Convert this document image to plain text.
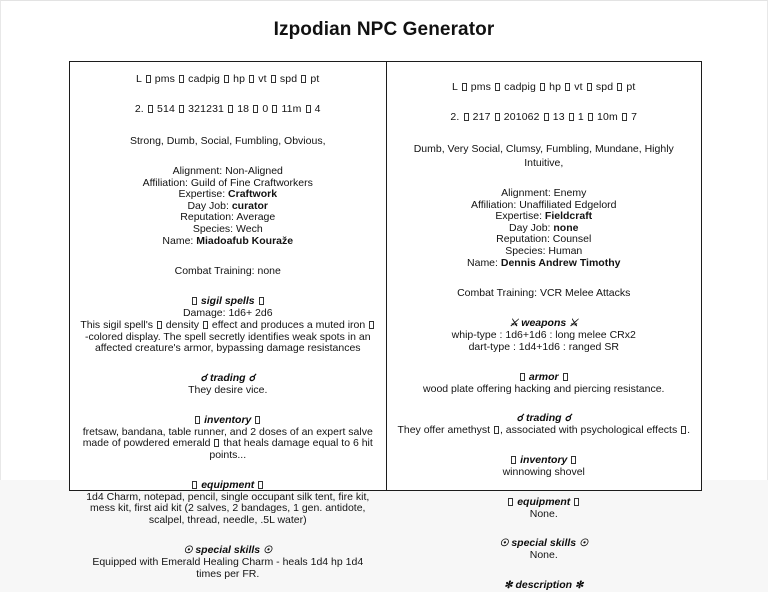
Izpodian NPC Generator
L  pms  cadpig  hp  vt  spd  pt
2.  514  321231  18  0  11m  4
Strong, Dumb, Social, Fumbling, Obvious,
Alignment: Non-Aligned
Affiliation: Guild of Fine Craftworkers
Expertise: Craftwork
Day Job: curator
Reputation: Average
Species: Wech
Name: Miadoafub Kouraže
Combat Training: none
sigil spells
Damage: 1d6+ 2d6
This sigil spell's  density  effect and produces a muted iron -colored display. The spell secretly identifies weak spots in an affected creature's armor, bypassing damage resistances
☌ trading ☌
They desire vice.
inventory
fretsaw, bandana, table runner, and 2 doses of an expert salve made of powdered emerald  that heals damage equal to 6 hit points...
equipment
1d4 Charm, notepad, pencil, single occupant silk tent, fire kit, mess kit, first aid kit (2 salves, 2 bandages, 1 gen. antidote, scalpel, thread, needle, .5L water)
☉ special skills ☉
Equipped with Emerald Healing Charm - heals 1d4 hp 1d4 times per FR.
L  pms  cadpig  hp  vt  spd  pt
2.  217  201062  13  1  10m  7
Dumb, Very Social, Clumsy, Fumbling, Mundane, Highly Intuitive,
Alignment: Enemy
Affiliation: Unaffiliated Edgelord
Expertise: Fieldcraft
Day Job: none
Reputation: Counsel
Species: Human
Name: Dennis Andrew Timothy
Combat Training: VCR Melee Attacks
⚔ weapons ⚔
whip-type : 1d6+1d6 : long melee CRx2
dart-type : 1d4+1d6 : ranged SR
armor
wood plate offering hacking and piercing resistance.
☌ trading ☌
They offer amethyst , associated with psychological effects .
inventory
winnowing shovel
equipment
None.
☉ special skills ☉
None.
✻ description ✻
